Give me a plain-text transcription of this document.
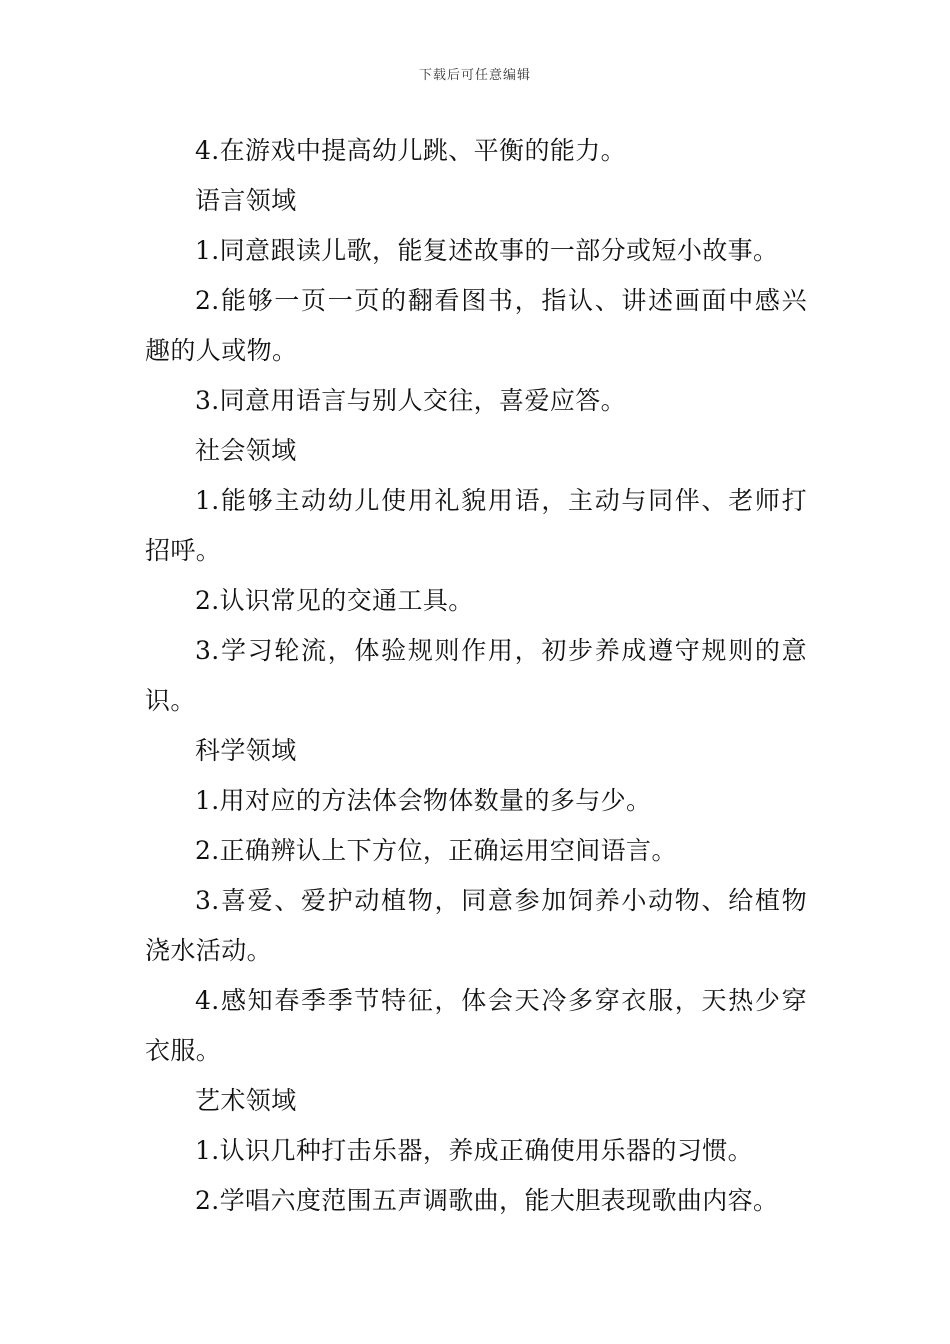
下载后可任意编辑
4.在游戏中提高幼儿跳、平衡的能力。
语言领域
1.同意跟读儿歌，能复述故事的一部分或短小故事。
2.能够一页一页的翻看图书，指认、讲述画面中感兴
趣的人或物。
3.同意用语言与别人交往，喜爱应答。
社会领域
1.能够主动幼儿使用礼貌用语，主动与同伴、老师打
招呼。
2.认识常见的交通工具。
3.学习轮流，体验规则作用，初步养成遵守规则的意
识。
科学领域
1.用对应的方法体会物体数量的多与少。
2.正确辨认上下方位，正确运用空间语言。
3.喜爱、爱护动植物，同意参加饲养小动物、给植物
浇水活动。
4.感知春季季节特征，体会天冷多穿衣服，天热少穿
衣服。
艺术领域
1.认识几种打击乐器，养成正确使用乐器的习惯。
2.学唱六度范围五声调歌曲，能大胆表现歌曲内容。
